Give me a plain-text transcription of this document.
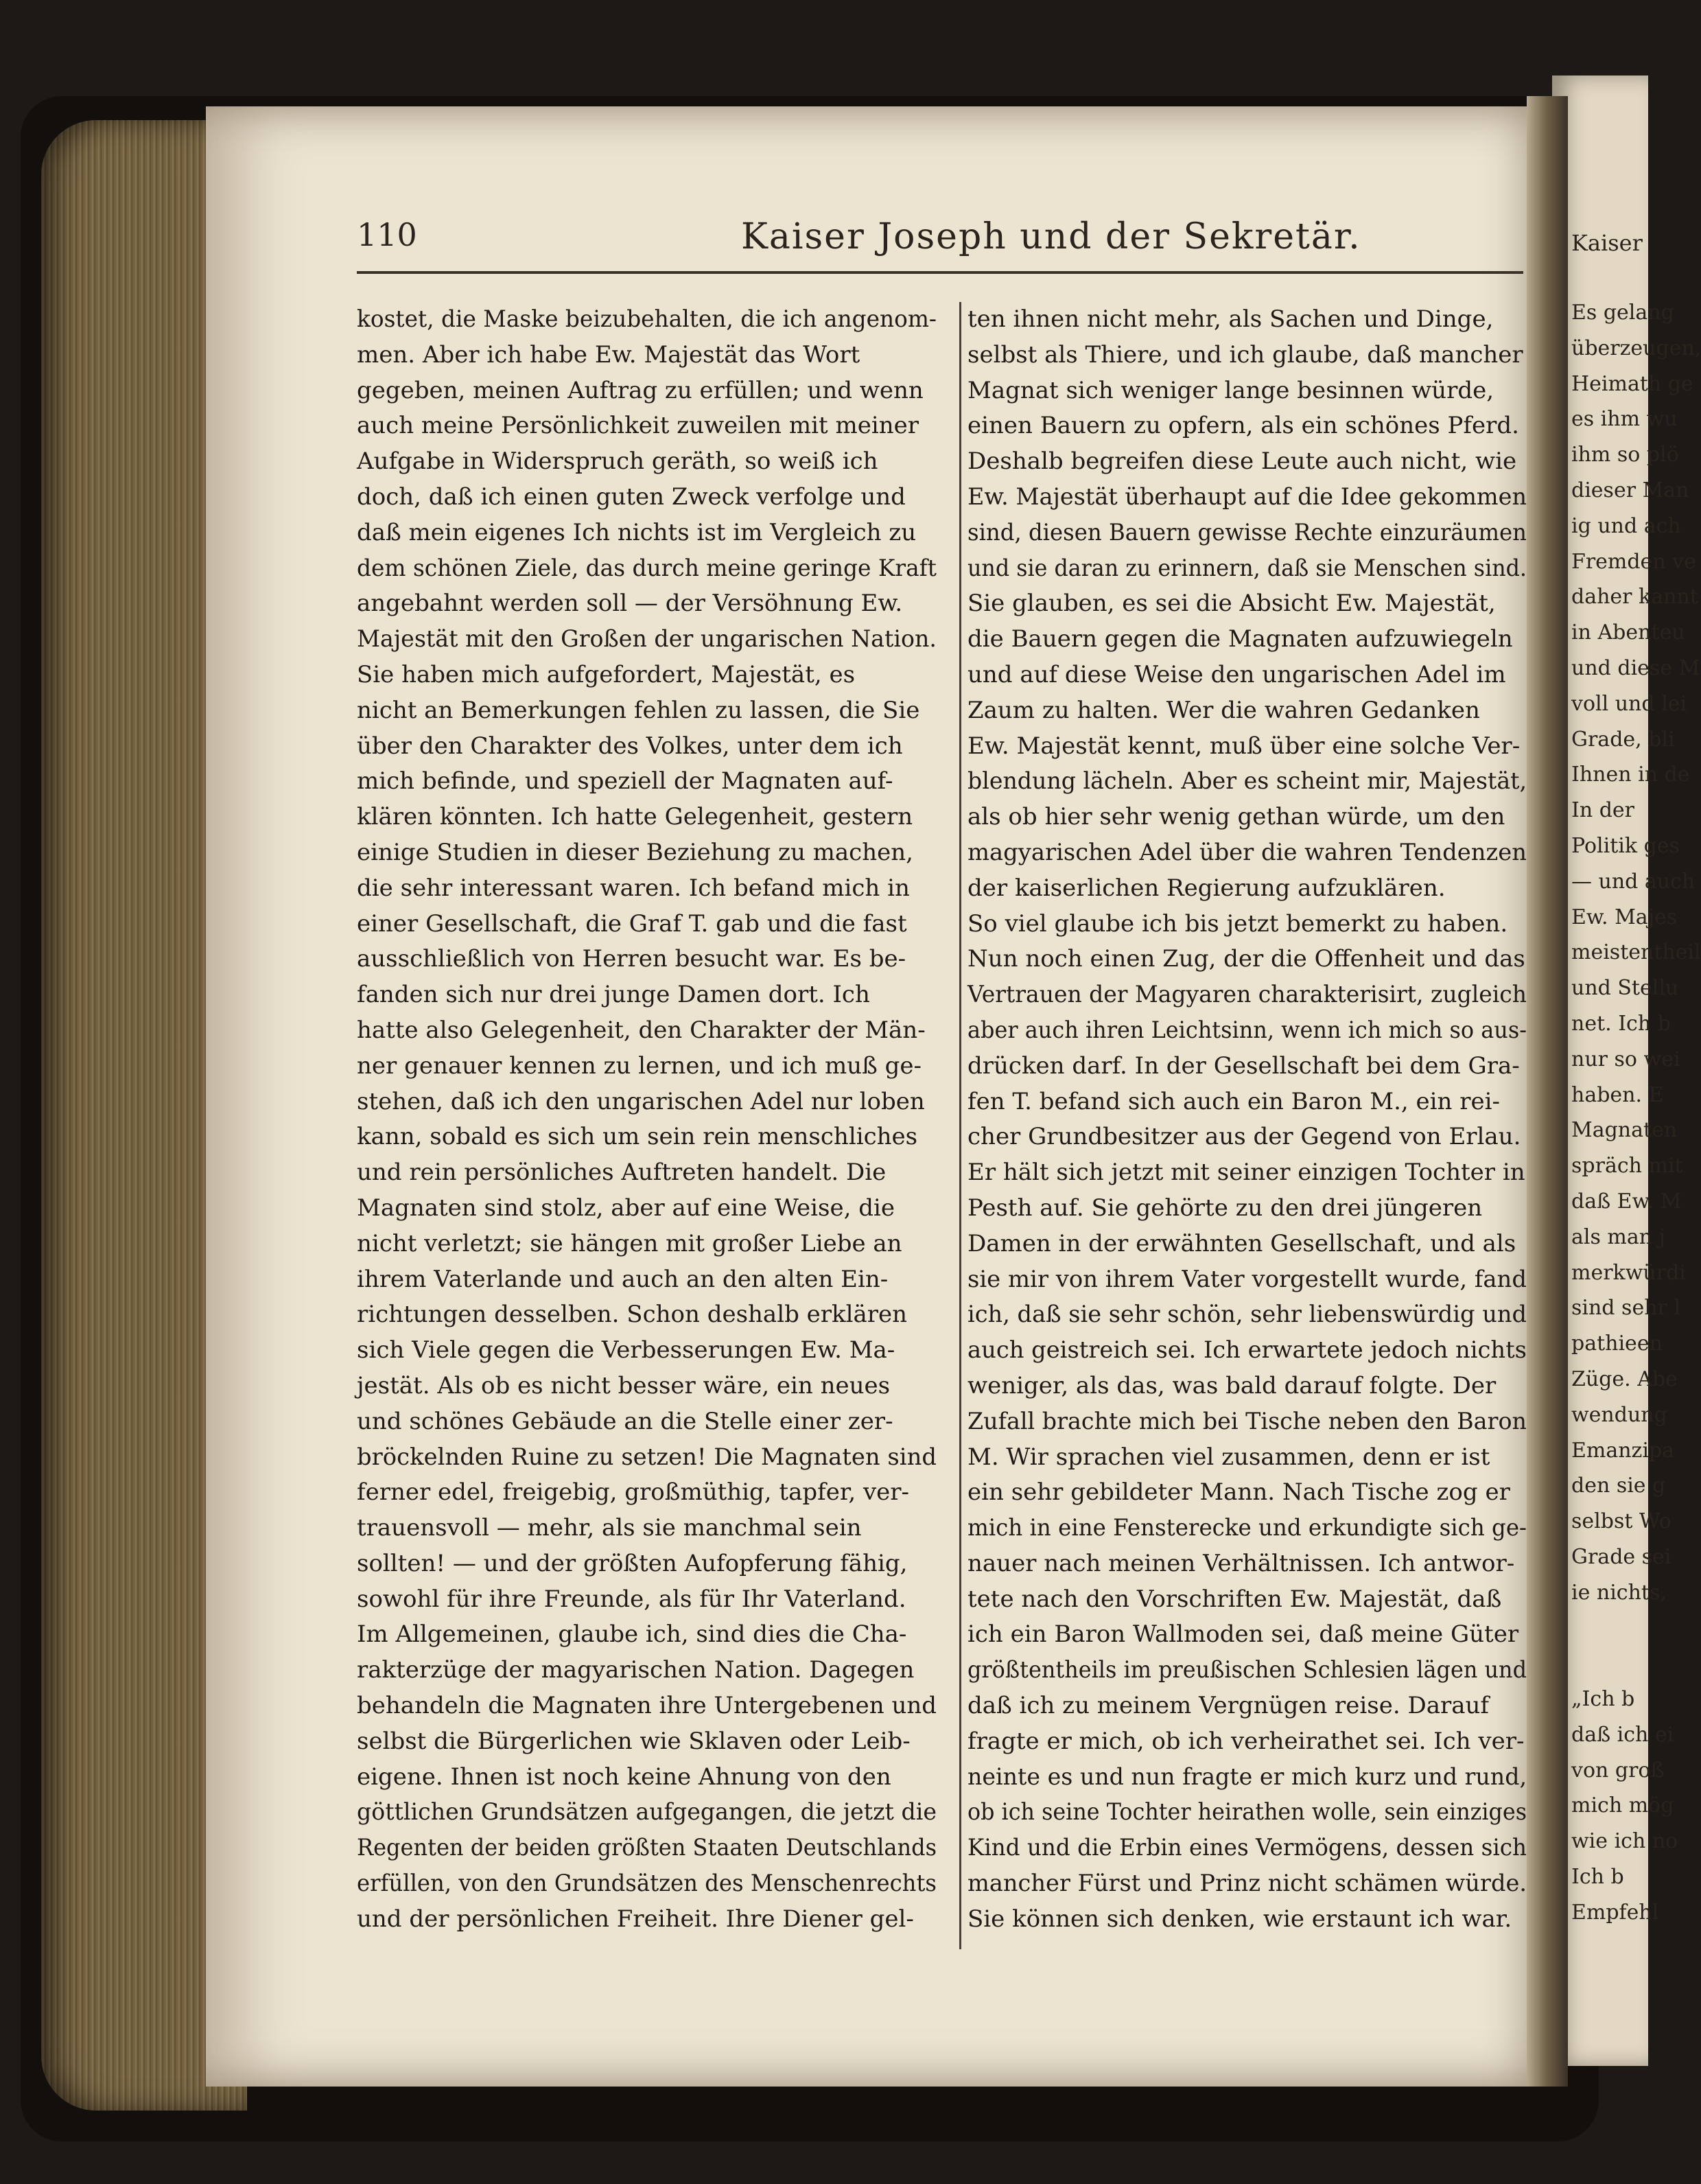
110	Kaiser Joseph und der Sekretär.
kostet, die Maske beizubehalten, die ich angenom-
men. Aber ich habe Ew. Majestät das Wort
gegeben, meinen Auftrag zu erfüllen; und wenn
auch meine Persönlichkeit zuweilen mit meiner
Aufgabe in Widerspruch geräth, so weiß ich
doch, daß ich einen guten Zweck verfolge und
daß mein eigenes Ich nichts ist im Vergleich zu
dem schönen Ziele, das durch meine geringe Kraft
angebahnt werden soll — der Versöhnung Ew.
Majestät mit den Großen der ungarischen Nation.
Sie haben mich aufgefordert, Majestät, es
nicht an Bemerkungen fehlen zu lassen, die Sie
über den Charakter des Volkes, unter dem ich
mich befinde, und speziell der Magnaten auf-
klären könnten. Ich hatte Gelegenheit, gestern
einige Studien in dieser Beziehung zu machen,
die sehr interessant waren. Ich befand mich in
einer Gesellschaft, die Graf T. gab und die fast
ausschließlich von Herren besucht war. Es be-
fanden sich nur drei junge Damen dort. Ich
hatte also Gelegenheit, den Charakter der Män-
ner genauer kennen zu lernen, und ich muß ge-
stehen, daß ich den ungarischen Adel nur loben
kann, sobald es sich um sein rein menschliches
und rein persönliches Auftreten handelt. Die
Magnaten sind stolz, aber auf eine Weise, die
nicht verletzt; sie hängen mit großer Liebe an
ihrem Vaterlande und auch an den alten Ein-
richtungen desselben. Schon deshalb erklären
sich Viele gegen die Verbesserungen Ew. Ma-
jestät. Als ob es nicht besser wäre, ein neues
und schönes Gebäude an die Stelle einer zer-
bröckelnden Ruine zu setzen! Die Magnaten sind
ferner edel, freigebig, großmüthig, tapfer, ver-
trauensvoll — mehr, als sie manchmal sein
sollten! — und der größten Aufopferung fähig,
sowohl für ihre Freunde, als für Ihr Vaterland.
Im Allgemeinen, glaube ich, sind dies die Cha-
rakterzüge der magyarischen Nation. Dagegen
behandeln die Magnaten ihre Untergebenen und
selbst die Bürgerlichen wie Sklaven oder Leib-
eigene. Ihnen ist noch keine Ahnung von den
göttlichen Grundsätzen aufgegangen, die jetzt die
Regenten der beiden größten Staaten Deutschlands
erfüllen, von den Grundsätzen des Menschenrechts
und der persönlichen Freiheit. Ihre Diener gel-
ten ihnen nicht mehr, als Sachen und Dinge,
selbst als Thiere, und ich glaube, daß mancher
Magnat sich weniger lange besinnen würde,
einen Bauern zu opfern, als ein schönes Pferd.
Deshalb begreifen diese Leute auch nicht, wie
Ew. Majestät überhaupt auf die Idee gekommen
sind, diesen Bauern gewisse Rechte einzuräumen
und sie daran zu erinnern, daß sie Menschen sind.
Sie glauben, es sei die Absicht Ew. Majestät,
die Bauern gegen die Magnaten aufzuwiegeln
und auf diese Weise den ungarischen Adel im
Zaum zu halten. Wer die wahren Gedanken
Ew. Majestät kennt, muß über eine solche Ver-
blendung lächeln. Aber es scheint mir, Majestät,
als ob hier sehr wenig gethan würde, um den
magyarischen Adel über die wahren Tendenzen
der kaiserlichen Regierung aufzuklären.
So viel glaube ich bis jetzt bemerkt zu haben.
Nun noch einen Zug, der die Offenheit und das
Vertrauen der Magyaren charakterisirt, zugleich
aber auch ihren Leichtsinn, wenn ich mich so aus-
drücken darf. In der Gesellschaft bei dem Gra-
fen T. befand sich auch ein Baron M., ein rei-
cher Grundbesitzer aus der Gegend von Erlau.
Er hält sich jetzt mit seiner einzigen Tochter in
Pesth auf. Sie gehörte zu den drei jüngeren
Damen in der erwähnten Gesellschaft, und als
sie mir von ihrem Vater vorgestellt wurde, fand
ich, daß sie sehr schön, sehr liebenswürdig und
auch geistreich sei. Ich erwartete jedoch nichts
weniger, als das, was bald darauf folgte. Der
Zufall brachte mich bei Tische neben den Baron
M. Wir sprachen viel zusammen, denn er ist
ein sehr gebildeter Mann. Nach Tische zog er
mich in eine Fensterecke und erkundigte sich ge-
nauer nach meinen Verhältnissen. Ich antwor-
tete nach den Vorschriften Ew. Majestät, daß
ich ein Baron Wallmoden sei, daß meine Güter
größtentheils im preußischen Schlesien lägen und
daß ich zu meinem Vergnügen reise. Darauf
fragte er mich, ob ich verheirathet sei. Ich ver-
neinte es und nun fragte er mich kurz und rund,
ob ich seine Tochter heirathen wolle, sein einziges
Kind und die Erbin eines Vermögens, dessen sich
mancher Fürst und Prinz nicht schämen würde.
Sie können sich denken, wie erstaunt ich war.
Kaiser
Es gelang
überzeugen,
Heimath ge
es ihm wu
ihm so plö
dieser Man
ig und ach
Fremden ve
daher kannt
in Abenteu
und diese M
voll und lei
Grade, bli
Ihnen in de
In der
Politik ges
— und auch
Ew. Majes
meistentheil
und Stellu
net. Ich b
nur so wei
haben. E
Magnaten
spräch mit
daß Ew. M
als man j
merkwürdi
sind sehr l
pathieen
Züge. Abe
wendung
Emanzipa
den sie g
selbst Wo
Grade sei
ie nichts,
„Ich b
daß ich ei
von groß
mich mög
wie ich no
Ich b
Empfehl
